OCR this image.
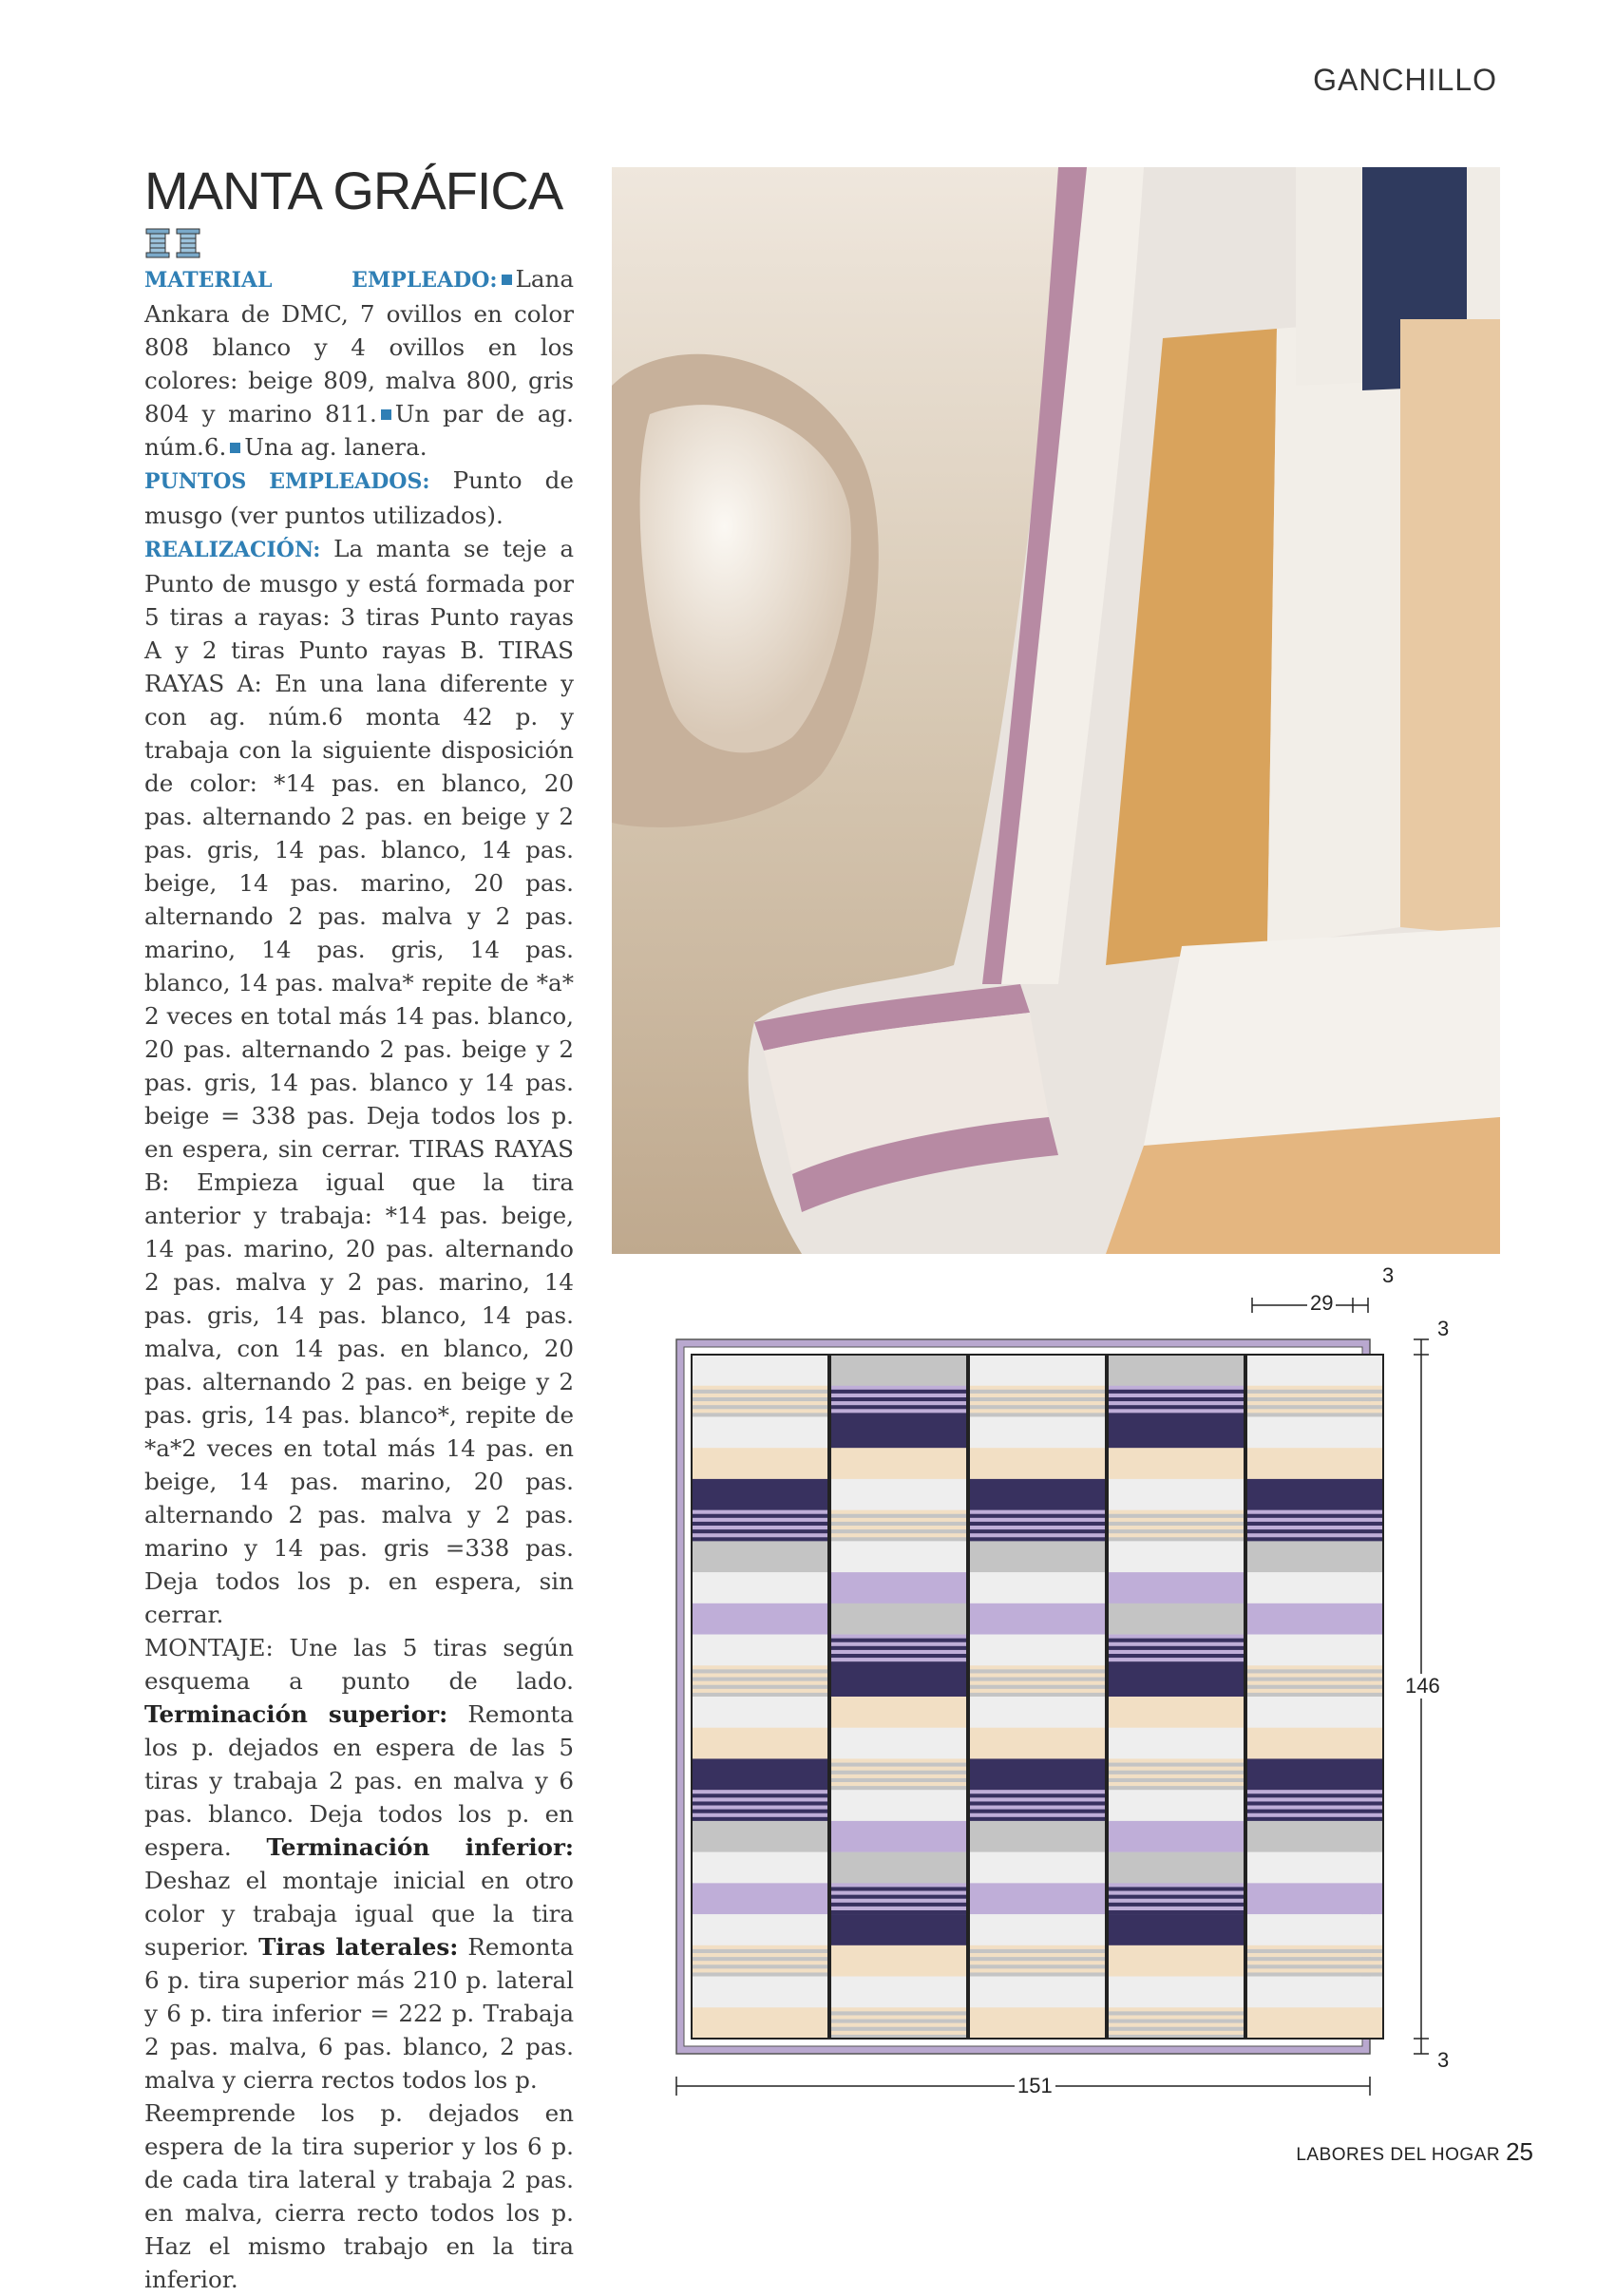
GANCHILLO
MANTA GRÁFICA

MATERIAL EMPLEADO: Lana Ankara de DMC, 7 ovillos en color 808 blanco y 4 ovillos en los colores: beige 809, malva 800, gris 804 y marino 811. Un par de ag. núm.6. Una ag. lanera.

PUNTOS EMPLEADOS: Punto de musgo (ver puntos utilizados).

REALIZACIÓN: La manta se teje a Punto de musgo y está formada por 5 tiras a rayas: 3 tiras Punto rayas A y 2 tiras Punto rayas B. TIRAS RAYAS A: En una lana diferente y con ag. núm.6 monta 42 p. y trabaja con la siguiente disposición de color: *14 pas. en blanco, 20 pas. alternando 2 pas. en beige y 2 pas. gris, 14 pas. blanco, 14 pas. beige, 14 pas. marino, 20 pas. alternando 2 pas. malva y 2 pas. marino, 14 pas. gris, 14 pas. blanco, 14 pas. malva* repite de *a* 2 veces en total más 14 pas. blanco, 20 pas. alternando 2 pas. beige y 2 pas. gris, 14 pas. blanco y 14 pas. beige = 338 pas. Deja todos los p. en espera, sin cerrar. TIRAS RAYAS B: Empieza igual que la tira anterior y trabaja: *14 pas. beige, 14 pas. marino, 20 pas. alternando 2 pas. malva y 2 pas. marino, 14 pas. gris, 14 pas. blanco, 14 pas. malva, con 14 pas. en blanco, 20 pas. alternando 2 pas. en beige y 2 pas. gris, 14 pas. blanco*, repite de *a*2 veces en total más 14 pas. en beige, 14 pas. marino, 20 pas. alternando 2 pas. malva y 2 pas. marino y 14 pas. gris =338 pas. Deja todos los p. en espera, sin cerrar.

MONTAJE: Une las 5 tiras según esquema a punto de lado. Terminación superior: Remonta los p. dejados en espera de las 5 tiras y trabaja 2 pas. en malva y 6 pas. blanco. Deja todos los p. en espera. Terminación inferior: Deshaz el montaje inicial en otro color y trabaja igual que la tira superior. Tiras laterales: Remonta 6 p. tira superior más 210 p. lateral y 6 p. tira inferior = 222 p. Trabaja 2 pas. malva, 6 pas. blanco, 2 pas. malva y cierra rectos todos los p.

Reemprende los p. dejados en espera de la tira superior y los 6 p. de cada tira lateral y trabaja 2 pas. en malva, cierra recto todos los p. Haz el mismo trabajo en la tira inferior.

29
3
3
146
3
151
LABORES DEL HOGAR 25
